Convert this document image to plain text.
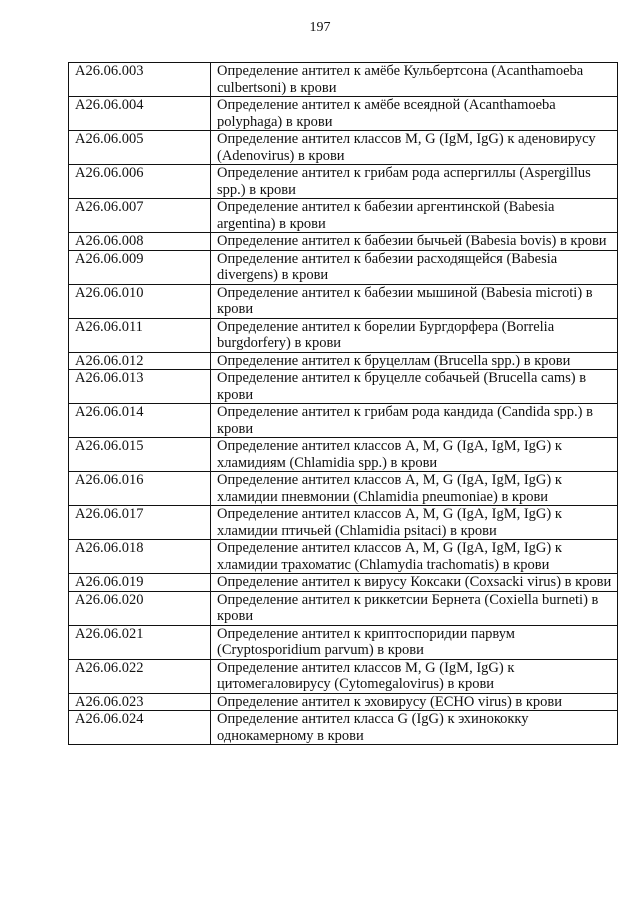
197
A26.06.003	Определение антител к амёбе Кульбертсона (Acanthamoeba culbertsoni) в крови
A26.06.004	Определение антител к амёбе всеядной (Acanthamoeba polyphaga) в крови
A26.06.005	Определение антител классов M, G (IgM, IgG) к аденовирусу (Adenovirus) в крови
A26.06.006	Определение антител к грибам рода аспергиллы (Aspergillus spp.) в крови
A26.06.007	Определение антител к бабезии аргентинской (Babesia argentina) в крови
A26.06.008	Определение антител к бабезии бычьей (Babesia bovis) в крови
A26.06.009	Определение антител к бабезии расходящейся (Babesia divergens) в крови
A26.06.010	Определение антител к бабезии мышиной (Babesia microti) в крови
A26.06.011	Определение антител к борелии Бургдорфера (Borrelia burgdorfery) в крови
A26.06.012	Определение антител к бруцеллам (Brucella spp.) в крови
A26.06.013	Определение антител к бруцелле собачьей (Brucella cams) в крови
A26.06.014	Определение антител к грибам рода кандида (Candida spp.) в крови
A26.06.015	Определение антител классов A, M, G (IgA, IgM, IgG) к хламидиям (Chlamidia spp.) в крови
A26.06.016	Определение антител классов A, M, G (IgA, IgM, IgG) к хламидии пневмонии (Chlamidia pneumoniae) в крови
A26.06.017	Определение антител классов A, M, G (IgA, IgM, IgG) к хламидии птичьей (Chlamidia psitaci) в крови
A26.06.018	Определение антител классов A, M, G (IgA, IgM, IgG) к хламидии трахоматис (Chlamydia trachomatis) в крови
A26.06.019	Определение антител к вирусу Коксаки (Coxsacki virus) в крови
A26.06.020	Определение антител к риккетсии Бернета (Coxiella burneti) в крови
A26.06.021	Определение антител к криптоспоридии парвум (Cryptosporidium parvum) в крови
A26.06.022	Определение антител классов M, G (IgM, IgG) к цитомегаловирусу (Cytomegalovirus) в крови
A26.06.023	Определение антител к эховирусу (ECHO virus) в крови
A26.06.024	Определение антител класса G (IgG) к эхинококку однокамерному в крови
